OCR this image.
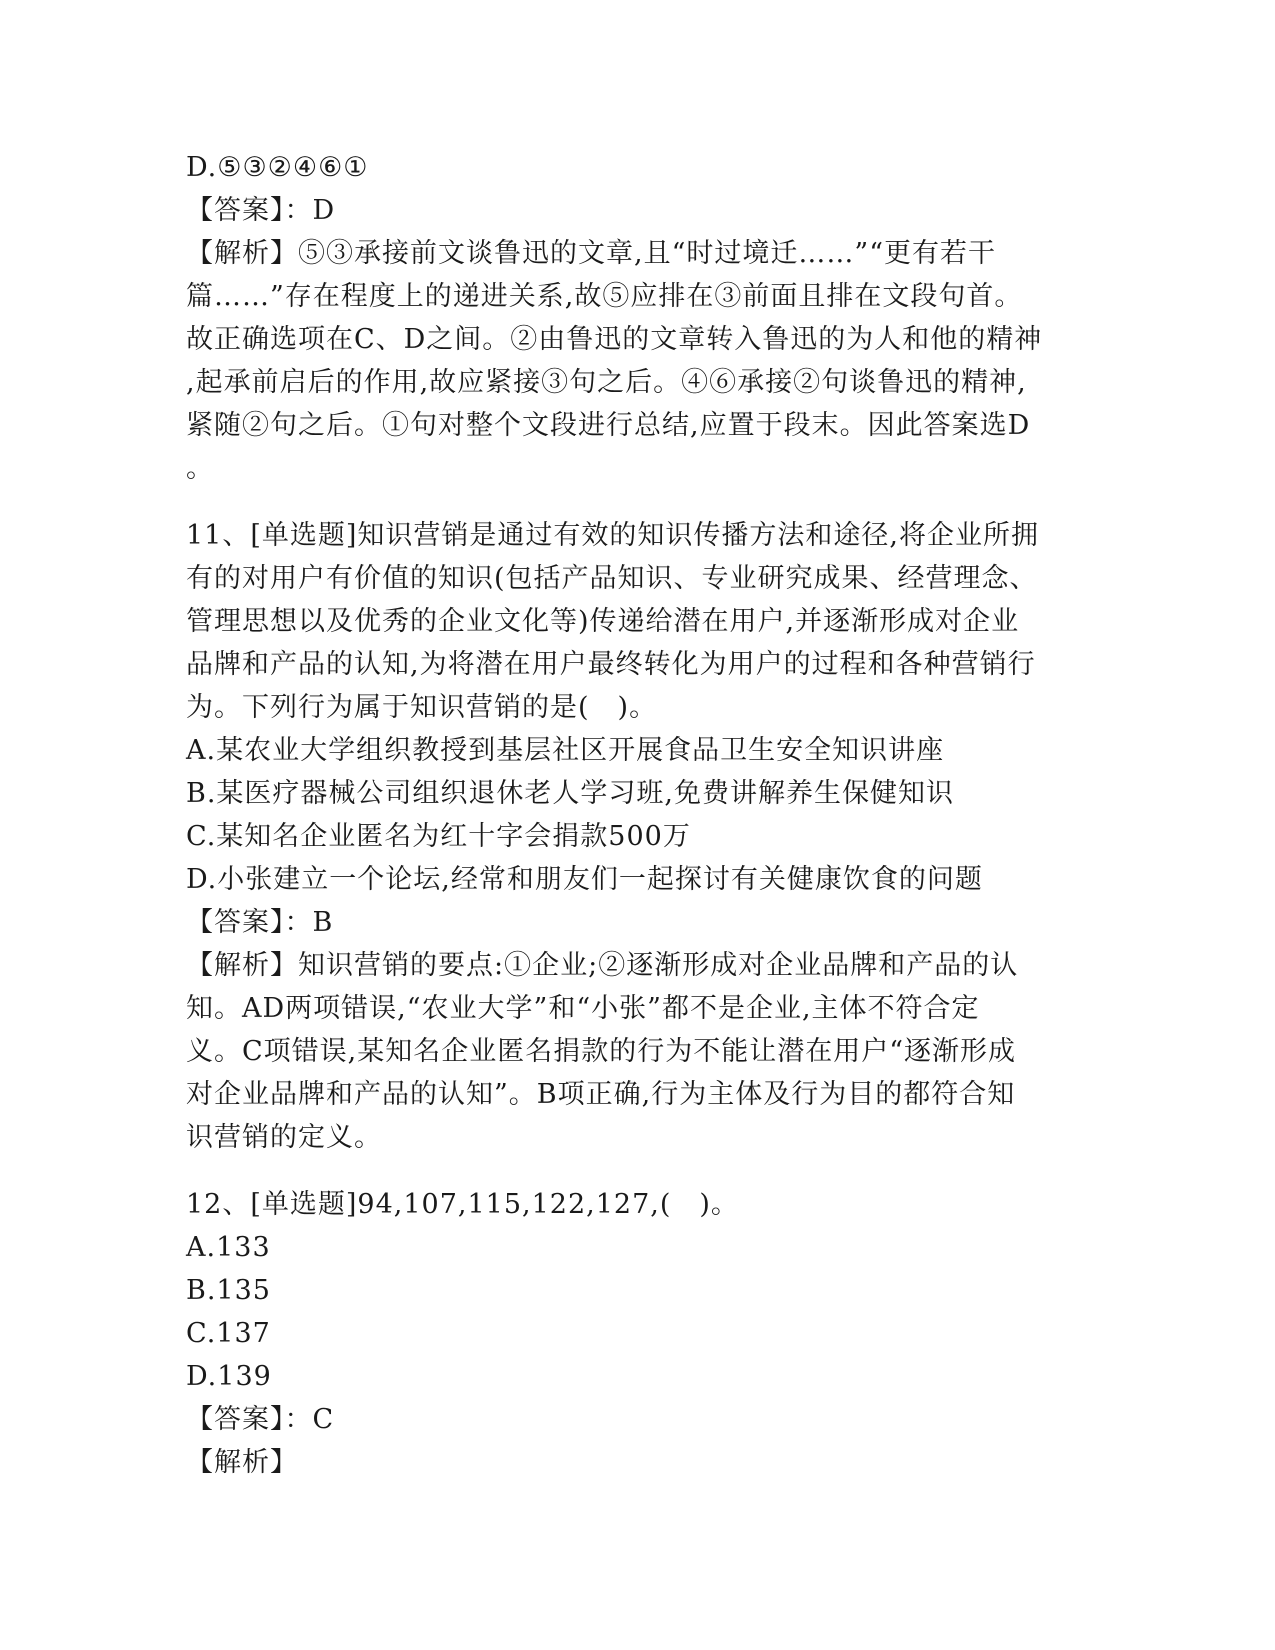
D.⑤③②④⑥①
【答案】：D
【解析】⑤③承接前文谈鲁迅的文章,且“时过境迁……”“更有若干
篇……”存在程度上的递进关系,故⑤应排在③前面且排在文段句首。
故正确选项在C、D之间。②由鲁迅的文章转入鲁迅的为人和他的精神
,起承前启后的作用,故应紧接③句之后。④⑥承接②句谈鲁迅的精神,
紧随②句之后。①句对整个文段进行总结,应置于段末。因此答案选D
。
11、[单选题]知识营销是通过有效的知识传播方法和途径,将企业所拥
有的对用户有价值的知识(包括产品知识、专业研究成果、经营理念、
管理思想以及优秀的企业文化等)传递给潜在用户,并逐渐形成对企业
品牌和产品的认知,为将潜在用户最终转化为用户的过程和各种营销行
为。下列行为属于知识营销的是(　)。
A.某农业大学组织教授到基层社区开展食品卫生安全知识讲座
B.某医疗器械公司组织退休老人学习班,免费讲解养生保健知识
C.某知名企业匿名为红十字会捐款500万
D.小张建立一个论坛,经常和朋友们一起探讨有关健康饮食的问题
【答案】：B
【解析】知识营销的要点:①企业;②逐渐形成对企业品牌和产品的认
知。AD两项错误,“农业大学”和“小张”都不是企业,主体不符合定
义。C项错误,某知名企业匿名捐款的行为不能让潜在用户“逐渐形成
对企业品牌和产品的认知”。B项正确,行为主体及行为目的都符合知
识营销的定义。
12、[单选题]94,107,115,122,127,(　)。
A.133
B.135
C.137
D.139
【答案】：C
【解析】
